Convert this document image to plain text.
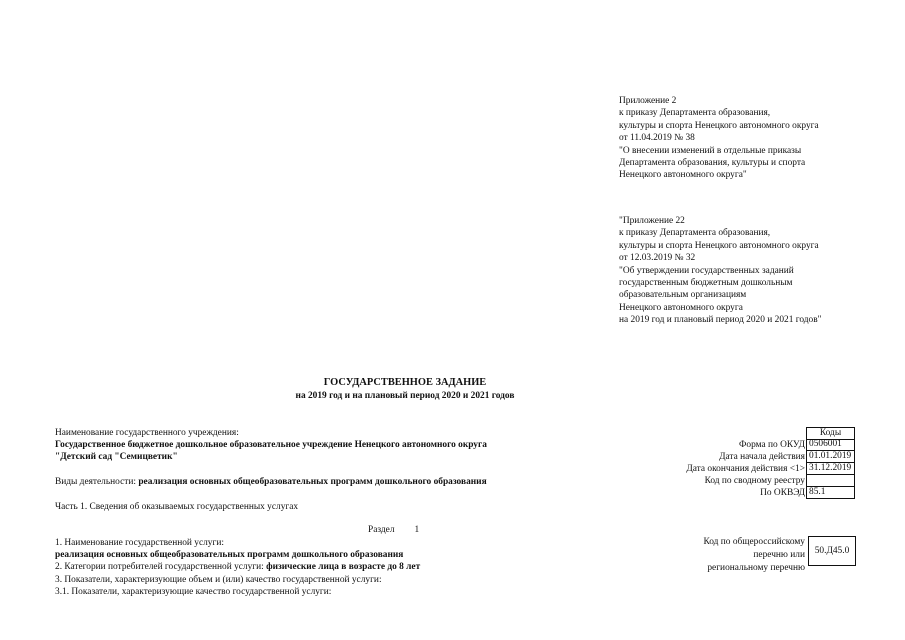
Приложение 2
к приказу Департамента образования,
культуры и спорта Ненецкого автономного округа
от 11.04.2019 № 38
"О внесении изменений в отдельные приказы
Департамента образования, культуры и спорта
Ненецкого автономного округа"
"Приложение 22
к приказу Департамента образования,
культуры и спорта Ненецкого автономного округа
от 12.03.2019 № 32
"Об утверждении государственных заданий
государственным бюджетным дошкольным
образовательным организациям
Ненецкого автономного округа
на 2019 год и плановый период 2020 и 2021 годов"
ГОСУДАРСТВЕННОЕ ЗАДАНИЕ
на 2019 год и на плановый период 2020 и 2021 годов
Наименование государственного учреждения:
Государственное бюджетное дошкольное образовательное учреждение Ненецкого автономного округа
"Детский сад "Семицветик"
Виды деятельности: реализация основных общеобразовательных программ дошкольного образования
Часть 1. Сведения об оказываемых государственных услугах
Раздел 1
1. Наименование государственной услуги:
реализация основных общеобразовательных программ дошкольного образования
2. Категории потребителей государственной услуги: физические лица в возрасте до 8 лет
3. Показатели, характеризующие объем и (или) качество государственной услуги:
3.1. Показатели, характеризующие качество государственной услуги:
Коды
Форма по ОКУД 0506001
Дата начала действия 01.01.2019
Дата окончания действия <1> 31.12.2019
Код по сводному реестру
По ОКВЭД 85.1
Код по общероссийскому
перечню или
региональному перечню
50.Д45.0
